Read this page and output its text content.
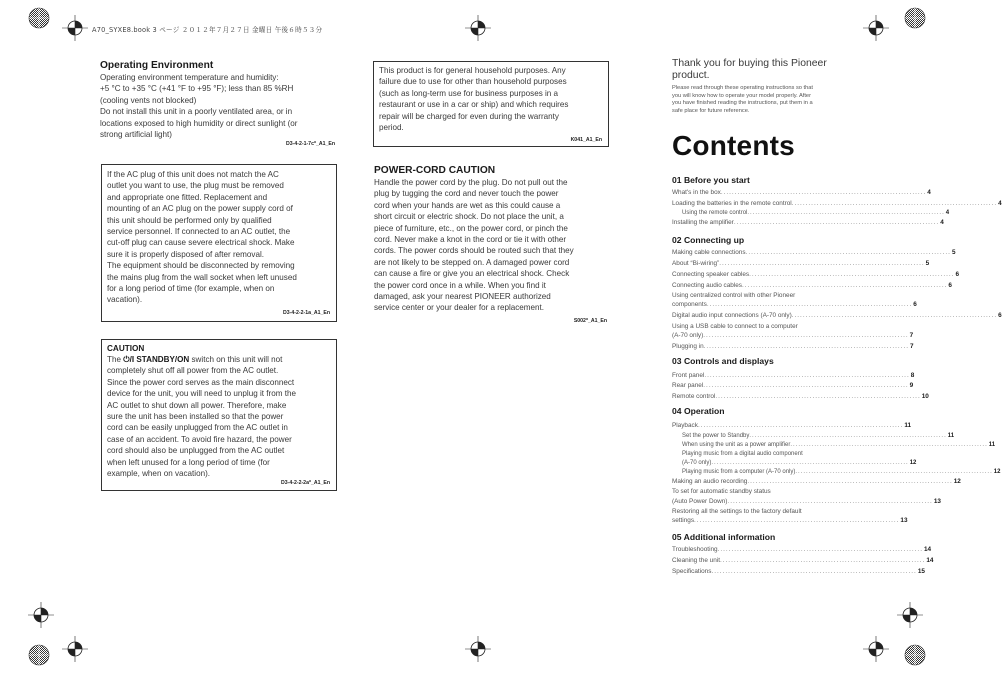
A70_SYXE8.book 3 ページ ２０１２年７月２７日 金曜日 午後６時５３分
Operating Environment
Operating environment temperature and humidity:
+5 °C to +35 °C (+41 °F to +95 °F); less than 85 %RH
(cooling vents not blocked)
Do not install this unit in a poorly ventilated area, or in
locations exposed to high humidity or direct sunlight (or
strong artificial light)
D3-4-2-1-7c*_A1_En
If the AC plug of this unit does not match the AC
outlet you want to use, the plug must be removed
and appropriate one fitted. Replacement and
mounting of an AC plug on the power supply cord of
this unit should be performed only by qualified
service personnel. If connected to an AC outlet, the
cut-off plug can cause severe electrical shock. Make
sure it is properly disposed of after removal.
The equipment should be disconnected by removing
the mains plug from the wall socket when left unused
for a long period of time (for example, when on
vacation).
D3-4-2-2-1a_A1_En
CAUTION
The ⏻/I STANDBY/ON switch on this unit will not
completely shut off all power from the AC outlet.
Since the power cord serves as the main disconnect
device for the unit, you will need to unplug it from the
AC outlet to shut down all power. Therefore, make
sure the unit has been installed so that the power
cord can be easily unplugged from the AC outlet in
case of an accident. To avoid fire hazard, the power
cord should also be unplugged from the AC outlet
when left unused for a long period of time (for
example, when on vacation).
D3-4-2-2-2a*_A1_En
This product is for general household purposes. Any
failure due to use for other than household purposes
(such as long-term use for business purposes in a
restaurant or use in a car or ship) and which requires
repair will be charged for even during the warranty
period.
K041_A1_En
POWER-CORD CAUTION
Handle the power cord by the plug. Do not pull out the
plug by tugging the cord and never touch the power
cord when your hands are wet as this could cause a
short circuit or electric shock. Do not place the unit, a
piece of furniture, etc., on the power cord, or pinch the
cord. Never make a knot in the cord or tie it with other
cords. The power cords should be routed such that they
are not likely to be stepped on. A damaged power cord
can cause a fire or give you an electrical shock. Check
the power cord once in a while. When you find it
damaged, ask your nearest PIONEER authorized
service center or your dealer for a replacement.
S002*_A1_En
Thank you for buying this Pioneer
product.
Please read through these operating instructions so that
you will know how to operate your model properly. After
you have finished reading the instructions, put them in a
safe place for future reference.
Contents
01 Before you start
What's in the box .......................................................................... 4
Loading the batteries in the remote control .......................................................................... 4
Using the remote control .......................................................................... 4
Installing the amplifier .......................................................................... 4
02 Connecting up
Making cable connections .......................................................................... 5
About “Bi-wiring” .......................................................................... 5
Connecting speaker cables .......................................................................... 6
Connecting audio cables .......................................................................... 6
Using centralized control with other Pioneer
components .......................................................................... 6
Digital audio input connections (A-70 only) .......................................................................... 6
Using a USB cable to connect to a computer
(A-70 only) .......................................................................... 7
Plugging in .......................................................................... 7
03 Controls and displays
Front panel .......................................................................... 8
Rear panel .......................................................................... 9
Remote control .......................................................................... 10
04 Operation
Playback .......................................................................... 11
Set the power to Standby .......................................................................... 11
When using the unit as a power amplifier .......................................................................... 11
Playing music from a digital audio component
(A-70 only) .......................................................................... 12
Playing music from a computer (A-70 only) .......................................................................... 12
Making an audio recording .......................................................................... 12
To set for automatic standby status
(Auto Power Down) .......................................................................... 13
Restoring all the settings to the factory default
settings .......................................................................... 13
05 Additional information
Troubleshooting .......................................................................... 14
Cleaning the unit .......................................................................... 14
Specifications .......................................................................... 15
